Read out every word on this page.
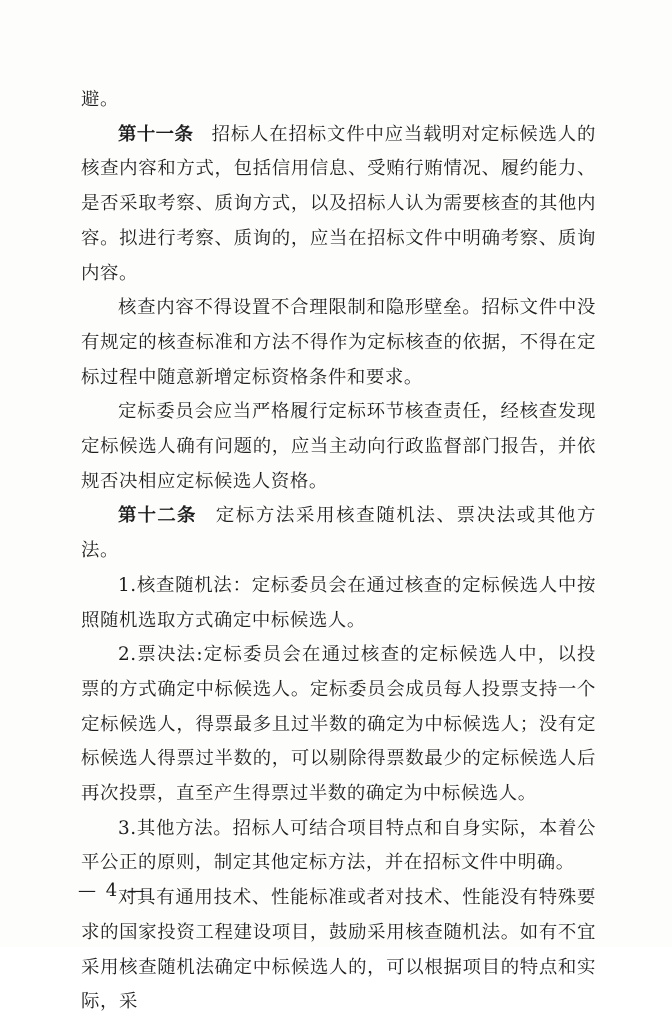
避。

第十一条 招标人在招标文件中应当载明对定标候选人的核查内容和方式，包括信用信息、受贿行贿情况、履约能力、是否采取考察、质询方式，以及招标人认为需要核查的其他内容。拟进行考察、质询的，应当在招标文件中明确考察、质询内容。

核查内容不得设置不合理限制和隐形壁垒。招标文件中没有规定的核查标准和方法不得作为定标核查的依据，不得在定标过程中随意新增定标资格条件和要求。

定标委员会应当严格履行定标环节核查责任，经核查发现定标候选人确有问题的，应当主动向行政监督部门报告，并依规否决相应定标候选人资格。

第十二条 定标方法采用核查随机法、票决法或其他方法。

1.核查随机法：定标委员会在通过核查的定标候选人中按照随机选取方式确定中标候选人。

2.票决法:定标委员会在通过核查的定标候选人中，以投票的方式确定中标候选人。定标委员会成员每人投票支持一个定标候选人，得票最多且过半数的确定为中标候选人；没有定标候选人得票过半数的，可以剔除得票数最少的定标候选人后再次投票，直至产生得票过半数的确定为中标候选人。

3.其他方法。招标人可结合项目特点和自身实际，本着公平公正的原则，制定其他定标方法，并在招标文件中明确。

对具有通用技术、性能标准或者对技术、性能没有特殊要求的国家投资工程建设项目，鼓励采用核查随机法。如有不宜采用核查随机法确定中标候选人的，可以根据项目的特点和实际，采

— 4 —
